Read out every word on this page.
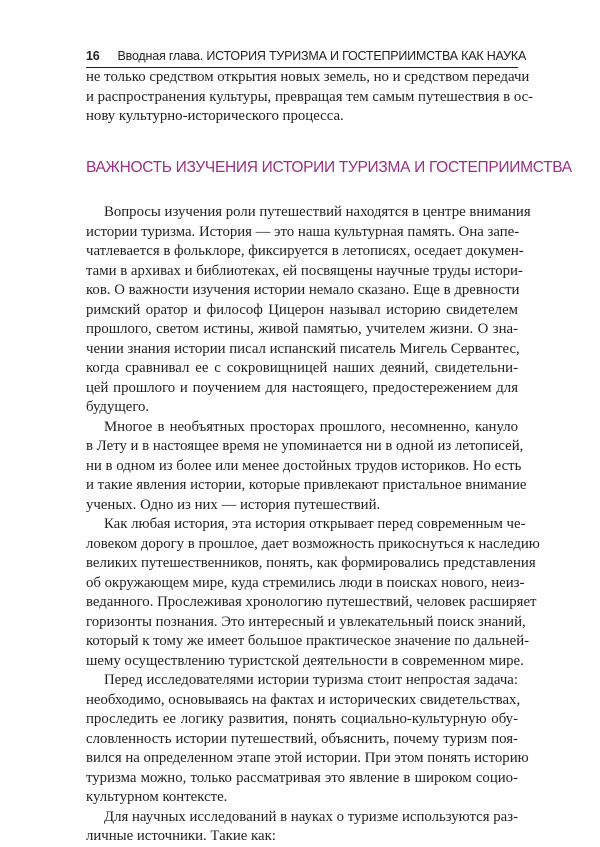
16 Вводная глава. ИСТОРИЯ ТУРИЗМА И ГОСТЕПРИИМСТВА КАК НАУКА
не только средством открытия новых земель, но и средством передачи
и распространения культуры, превращая тем самым путешествия в ос-
нову культурно-исторического процесса.
ВАЖНОСТЬ ИЗУЧЕНИЯ ИСТОРИИ ТУРИЗМА И ГОСТЕПРИИМСТВА
Вопросы изучения роли путешествий находятся в центре внимания
истории туризма. История — это наша культурная память. Она запе-
чатлевается в фольклоре, фиксируется в летописях, оседает докумен-
тами в архивах и библиотеках, ей посвящены научные труды истори-
ков. О важности изучения истории немало сказано. Еще в древности
римский оратор и философ Цицерон называл историю свидетелем
прошлого, светом истины, живой памятью, учителем жизни. О зна-
чении знания истории писал испанский писатель Мигель Сервантес,
когда сравнивал ее с сокровищницей наших деяний, свидетельни-
цей прошлого и поучением для настоящего, предостережением для
будущего.
Многое в необъятных просторах прошлого, несомненно, кануло
в Лету и в настоящее время не упоминается ни в одной из летописей,
ни в одном из более или менее достойных трудов историков. Но есть
и такие явления истории, которые привлекают пристальное внимание
ученых. Одно из них — история путешествий.
Как любая история, эта история открывает перед современным че-
ловеком дорогу в прошлое, дает возможность прикоснуться к наследию
великих путешественников, понять, как формировались представления
об окружающем мире, куда стремились люди в поисках нового, неиз-
веданного. Прослеживая хронологию путешествий, человек расширяет
горизонты познания. Это интересный и увлекательный поиск знаний,
который к тому же имеет большое практическое значение по дальней-
шему осуществлению туристской деятельности в современном мире.
Перед исследователями истории туризма стоит непростая задача:
необходимо, основываясь на фактах и исторических свидетельствах,
проследить ее логику развития, понять социально-культурную обу-
словленность истории путешествий, объяснить, почему туризм поя-
вился на определенном этапе этой истории. При этом понять историю
туризма можно, только рассматривая это явление в широком социо-
культурном контексте.
Для научных исследований в науках о туризме используются раз-
личные источники. Такие как:
